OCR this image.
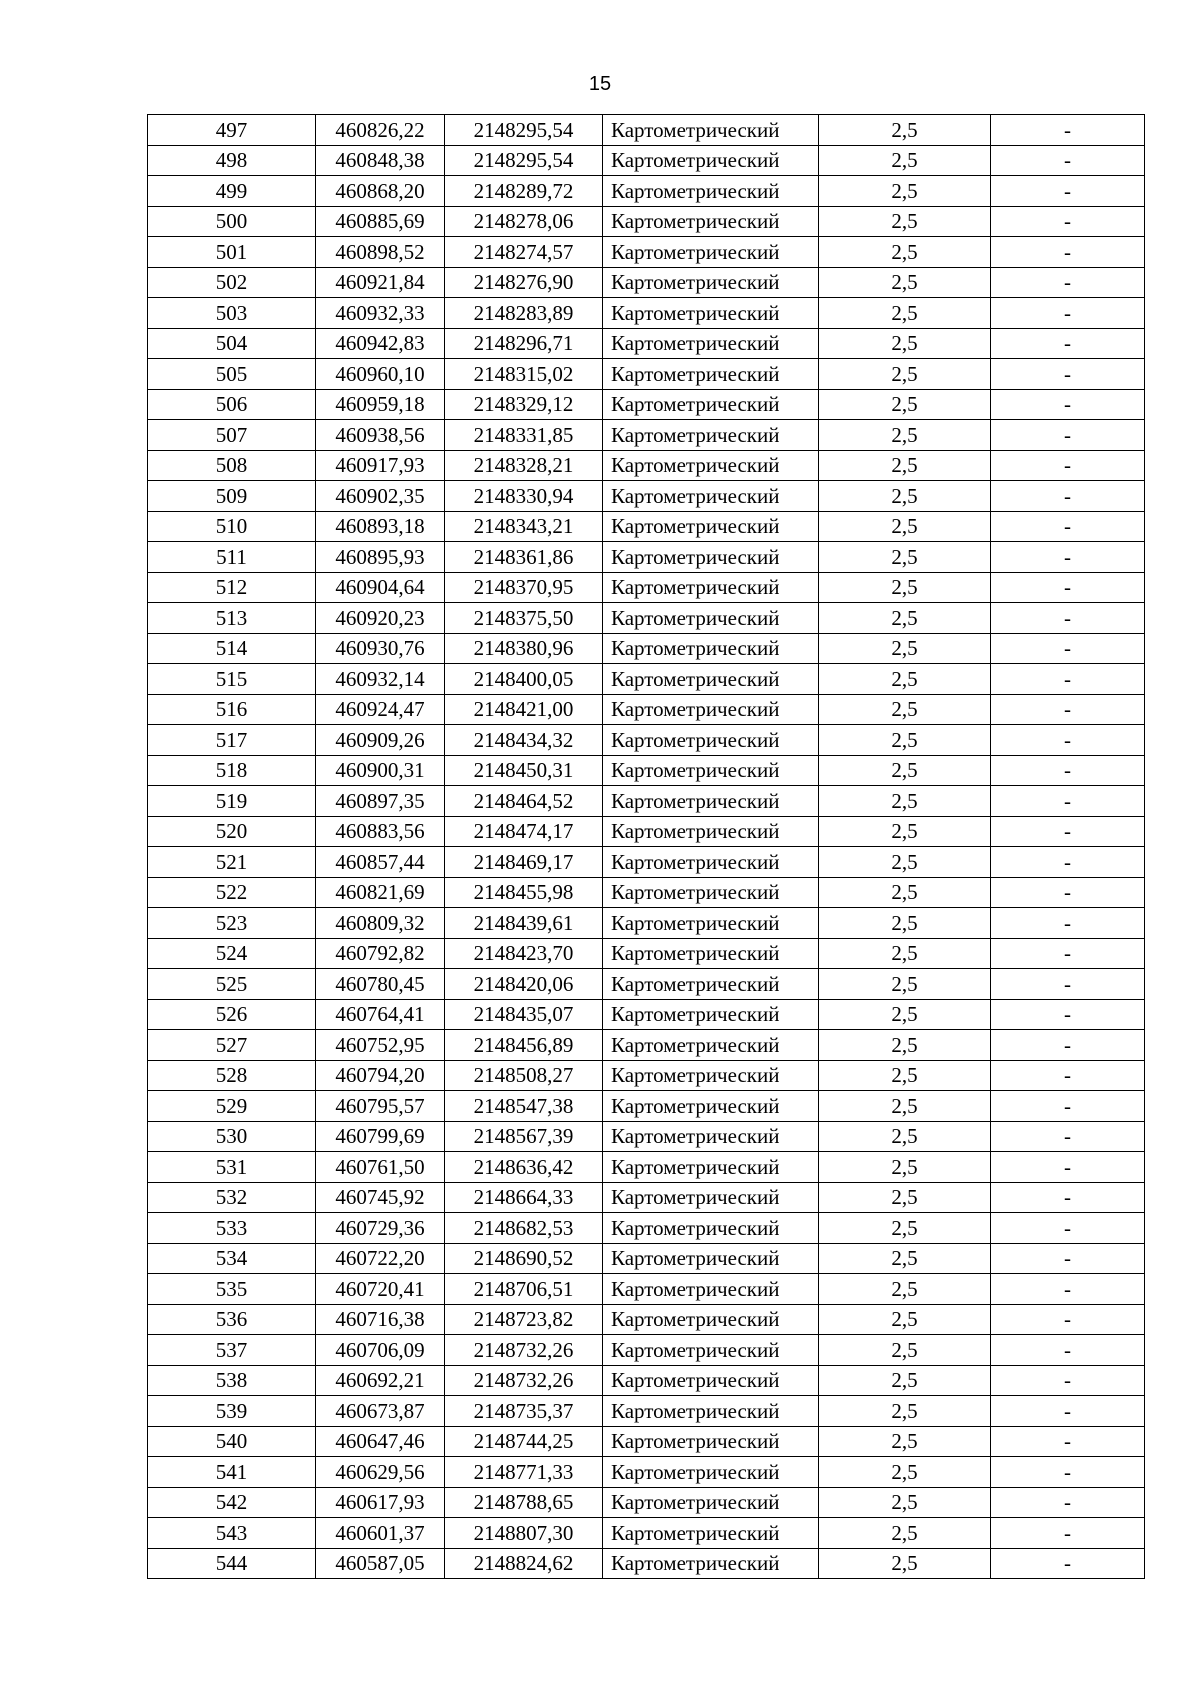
15
497	460826,22	2148295,54	Картометрический	2,5	-
498	460848,38	2148295,54	Картометрический	2,5	-
499	460868,20	2148289,72	Картометрический	2,5	-
500	460885,69	2148278,06	Картометрический	2,5	-
501	460898,52	2148274,57	Картометрический	2,5	-
502	460921,84	2148276,90	Картометрический	2,5	-
503	460932,33	2148283,89	Картометрический	2,5	-
504	460942,83	2148296,71	Картометрический	2,5	-
505	460960,10	2148315,02	Картометрический	2,5	-
506	460959,18	2148329,12	Картометрический	2,5	-
507	460938,56	2148331,85	Картометрический	2,5	-
508	460917,93	2148328,21	Картометрический	2,5	-
509	460902,35	2148330,94	Картометрический	2,5	-
510	460893,18	2148343,21	Картометрический	2,5	-
511	460895,93	2148361,86	Картометрический	2,5	-
512	460904,64	2148370,95	Картометрический	2,5	-
513	460920,23	2148375,50	Картометрический	2,5	-
514	460930,76	2148380,96	Картометрический	2,5	-
515	460932,14	2148400,05	Картометрический	2,5	-
516	460924,47	2148421,00	Картометрический	2,5	-
517	460909,26	2148434,32	Картометрический	2,5	-
518	460900,31	2148450,31	Картометрический	2,5	-
519	460897,35	2148464,52	Картометрический	2,5	-
520	460883,56	2148474,17	Картометрический	2,5	-
521	460857,44	2148469,17	Картометрический	2,5	-
522	460821,69	2148455,98	Картометрический	2,5	-
523	460809,32	2148439,61	Картометрический	2,5	-
524	460792,82	2148423,70	Картометрический	2,5	-
525	460780,45	2148420,06	Картометрический	2,5	-
526	460764,41	2148435,07	Картометрический	2,5	-
527	460752,95	2148456,89	Картометрический	2,5	-
528	460794,20	2148508,27	Картометрический	2,5	-
529	460795,57	2148547,38	Картометрический	2,5	-
530	460799,69	2148567,39	Картометрический	2,5	-
531	460761,50	2148636,42	Картометрический	2,5	-
532	460745,92	2148664,33	Картометрический	2,5	-
533	460729,36	2148682,53	Картометрический	2,5	-
534	460722,20	2148690,52	Картометрический	2,5	-
535	460720,41	2148706,51	Картометрический	2,5	-
536	460716,38	2148723,82	Картометрический	2,5	-
537	460706,09	2148732,26	Картометрический	2,5	-
538	460692,21	2148732,26	Картометрический	2,5	-
539	460673,87	2148735,37	Картометрический	2,5	-
540	460647,46	2148744,25	Картометрический	2,5	-
541	460629,56	2148771,33	Картометрический	2,5	-
542	460617,93	2148788,65	Картометрический	2,5	-
543	460601,37	2148807,30	Картометрический	2,5	-
544	460587,05	2148824,62	Картометрический	2,5	-
